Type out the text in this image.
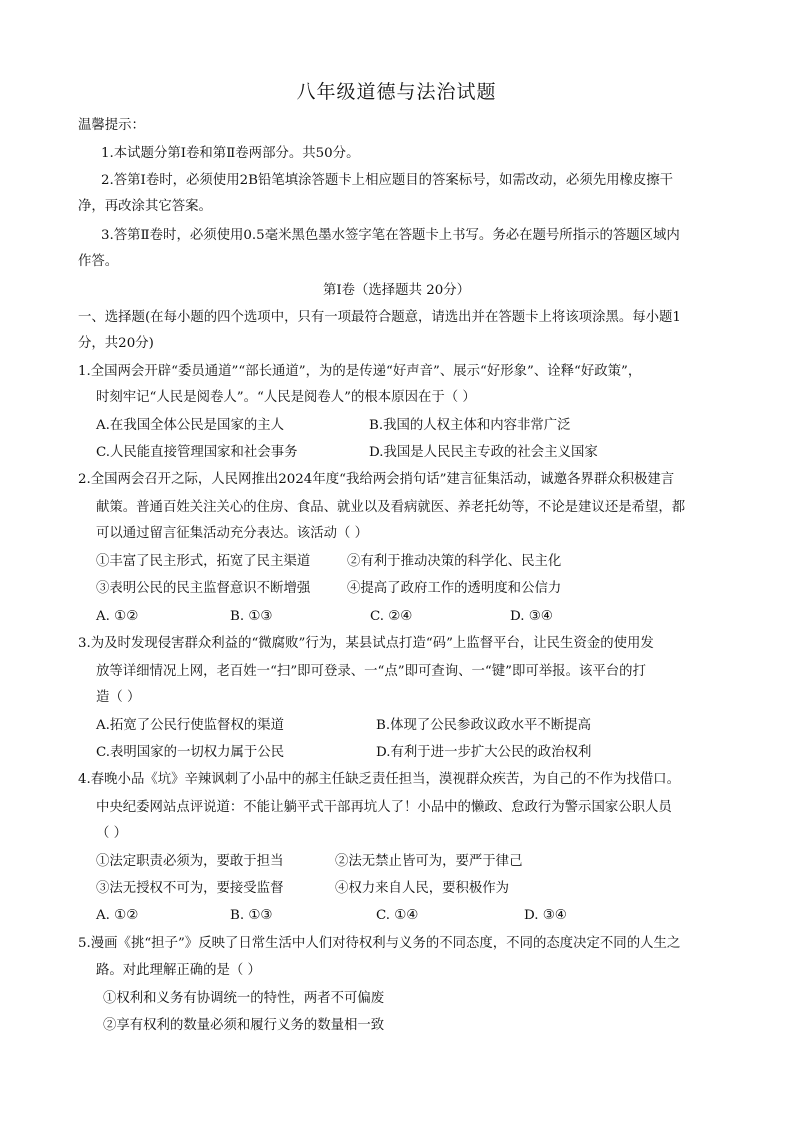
八年级道德与法治试题
温馨提示：
1.本试题分第Ⅰ卷和第Ⅱ卷两部分。共50分。
2.答第Ⅰ卷时，必须使用2B铅笔填涂答题卡上相应题目的答案标号，如需改动，必须先用橡皮擦干
净，再改涂其它答案。
3.答第Ⅱ卷时，必须使用0.5毫米黑色墨水签字笔在答题卡上书写。务必在题号所指示的答题区域内
作答。
第Ⅰ卷（选择题共 20分）
一、选择题(在每小题的四个选项中，只有一项最符合题意，请选出并在答题卡上将该项涂黑。每小题1
分，共20分)
1.全国两会开辟“委员通道”“部长通道”，为的是传递“好声音”、展示“好形象”、诠释“好政策”，
时刻牢记“人民是阅卷人”。“人民是阅卷人”的根本原因在于（ ）
A.在我国全体公民是国家的主人	B.我国的人权主体和内容非常广泛
C.人民能直接管理国家和社会事务	D.我国是人民民主专政的社会主义国家
2.全国两会召开之际，人民网推出2024年度“我给两会捎句话”建言征集活动，诚邀各界群众积极建言
献策。普通百姓关注关心的住房、食品、就业以及看病就医、养老托幼等，不论是建议还是希望，都
可以通过留言征集活动充分表达。该活动（ ）
①丰富了民主形式，拓宽了民主渠道	②有利于推动决策的科学化、民主化
③表明公民的民主监督意识不断增强	④提高了政府工作的透明度和公信力
A. ①②	B. ①③	C. ②④	D. ③④
3.为及时发现侵害群众利益的“微腐败”行为，某县试点打造“码”上监督平台，让民生资金的使用发
放等详细情况上网，老百姓一“扫”即可登录、一“点”即可查询、一“键”即可举报。该平台的打
造（ ）
A.拓宽了公民行使监督权的渠道	B.体现了公民参政议政水平不断提高
C.表明国家的一切权力属于公民	D.有利于进一步扩大公民的政治权利
4.春晚小品《坑》辛辣讽刺了小品中的郝主任缺乏责任担当，漠视群众疾苦，为自己的不作为找借口。
中央纪委网站点评说道：不能让躺平式干部再坑人了！小品中的懒政、怠政行为警示国家公职人员
（ ）
①法定职责必须为，要敢于担当	②法无禁止皆可为，要严于律己
③法无授权不可为，要接受监督	④权力来自人民，要积极作为
A. ①②	B. ①③	C. ①④	D. ③④
5.漫画《挑“担子”》反映了日常生活中人们对待权利与义务的不同态度，不同的态度决定不同的人生之
路。对此理解正确的是（ ）
①权利和义务有协调统一的特性，两者不可偏废
②享有权利的数量必须和履行义务的数量相一致
